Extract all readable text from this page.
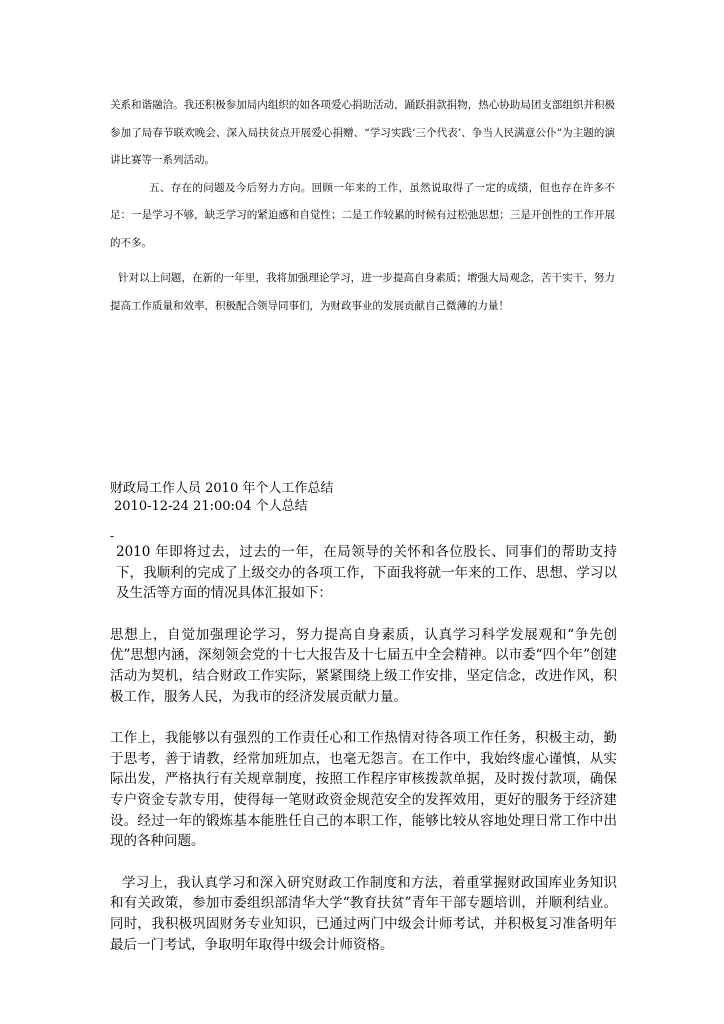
关系和谐融洽。我还积极参加局内组织的如各项爱心捐助活动，踊跃捐款捐物，热心协助局团支部组织并积极参加了局春节联欢晚会、深入局扶贫点开展爱心捐赠、“学习实践‘三个代表’、争当人民满意公仆”为主题的演讲比赛等一系列活动。

五、存在的问题及今后努力方向。回顾一年来的工作，虽然说取得了一定的成绩，但也存在许多不足：一是学习不够，缺乏学习的紧迫感和自觉性；二是工作较累的时候有过松弛思想；三是开创性的工作开展的不多。

针对以上问题，在新的一年里，我将加强理论学习，进一步提高自身素质；增强大局观念，苦干实干，努力提高工作质量和效率，积极配合领导同事们，为财政事业的发展贡献自己微薄的力量！

财政局工作人员 2010 年个人工作总结

2010-12-24 21:00:04 个人总结

-

2010 年即将过去，过去的一年，在局领导的关怀和各位股长、同事们的帮助支持下，我顺利的完成了上级交办的各项工作，下面我将就一年来的工作、思想、学习以及生活等方面的情况具体汇报如下：

思想上，自觉加强理论学习，努力提高自身素质，认真学习科学发展观和“争先创优”思想内涵，深刻领会党的十七大报告及十七届五中全会精神。以市委“四个年”创建活动为契机，结合财政工作实际，紧紧围绕上级工作安排，坚定信念，改进作风，积极工作，服务人民，为我市的经济发展贡献力量。

工作上，我能够以有强烈的工作责任心和工作热情对待各项工作任务，积极主动，勤于思考，善于请教，经常加班加点，也毫无怨言。在工作中，我始终虚心谨慎，从实际出发，严格执行有关规章制度，按照工作程序审核拨款单据，及时拨付款项，确保专户资金专款专用，使得每一笔财政资金规范安全的发挥效用，更好的服务于经济建设。经过一年的锻炼基本能胜任自己的本职工作，能够比较从容地处理日常工作中出现的各种问题。

学习上，我认真学习和深入研究财政工作制度和方法，着重掌握财政国库业务知识和有关政策，参加市委组织部清华大学“教育扶贫”青年干部专题培训，并顺利结业。同时，我积极巩固财务专业知识，已通过两门中级会计师考试，并积极复习准备明年最后一门考试，争取明年取得中级会计师资格。
